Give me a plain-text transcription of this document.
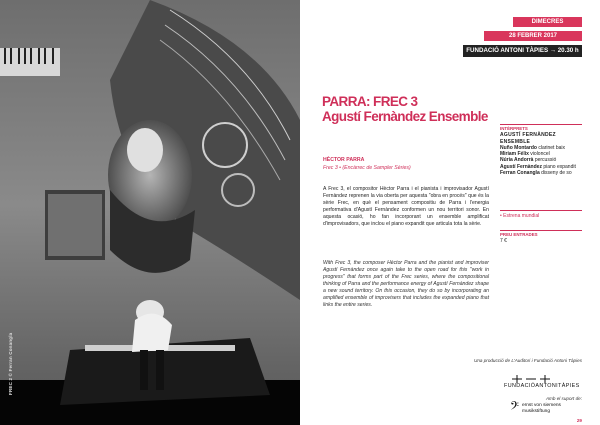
FREC 2 © Ferran Conangla
DIMECRES
28 FEBRER 2017
FUNDACIÓ ANTONI TÀPIES → 20.30 h
PARRA: FREC 3
Agustí Fernàndez Ensemble
HÈCTOR PARRA
Frec 3 • (Encàrrec de Sampler Sèries)
A Frec 3, el compositor Hèctor Parra i el pianista i improvisador Agustí Fernàndez reprenen la via oberta per aquesta "obra en procés" que és la sèrie Frec, en què el pensament compositiu de Parra i l'energia performativa d'Agustí Fernàndez conformen un nou territori sonor. En aquesta ocasió, ho fan incorporant un ensemble amplificat d'improvisadors, que inclou el piano expandit que articula tota la sèrie.
With Frec 3, the composer Hèctor Parra and the pianist and improviser Agustí Fernàndez once again take to the open road for this "work in progress" that forms part of the Frec series, where the compositional thinking of Parra and the performance energy of Agustí Fernàndez shape a new sound territory. On this occasion, they do so by incorporating an amplified ensemble of improvisers that includes the expanded piano that links the entire series.
INTÈRPRETS
AGUSTÍ FERNÀNDEZ ENSEMBLE
Nuño Montardo clarinet baix
Miriam Félix violoncel
Núria Andorrà percussió
Agustí Fernàndez piano expandit
Ferran Conangla disseny de so
• Estrena mundial
PREU ENTRADES
7 €
Una producció de L'Auditori i Fundació Antoni Tàpies
FUNDACIÓANTONITÀPIES
Amb el suport de:
𝄢 ernst von siemens
musikstiftung
29
